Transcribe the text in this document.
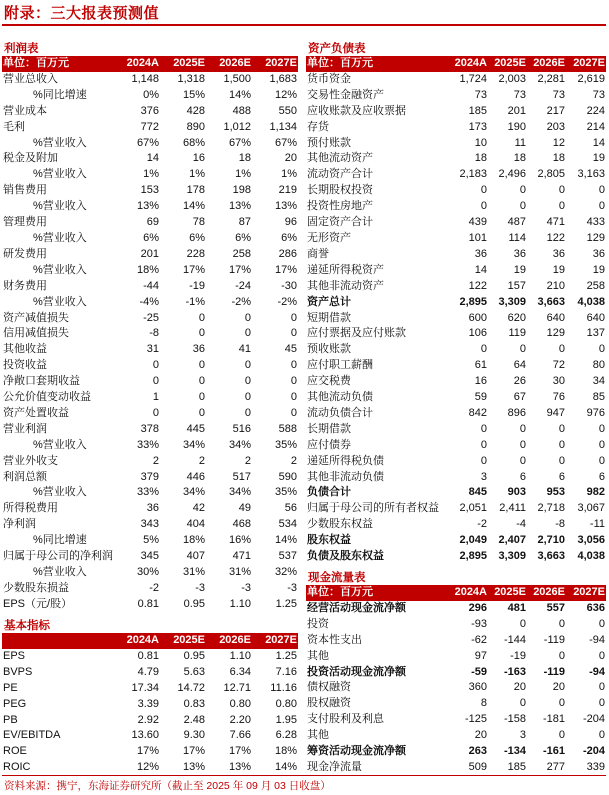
附录：三大报表预测值
利润表
单位：百万元	2024A	2025E	2026E	2027E
营业总收入	1,148	1,318	1,500	1,683
%同比增速	0%	15%	14%	12%
营业成本	376	428	488	550
毛利	772	890	1,012	1,134
%营业收入	67%	68%	67%	67%
税金及附加	14	16	18	20
%营业收入	1%	1%	1%	1%
销售费用	153	178	198	219
%营业收入	13%	14%	13%	13%
管理费用	69	78	87	96
%营业收入	6%	6%	6%	6%
研发费用	201	228	258	286
%营业收入	18%	17%	17%	17%
财务费用	-44	-19	-24	-30
%营业收入	-4%	-1%	-2%	-2%
资产减值损失	-25	0	0	0
信用减值损失	-8	0	0	0
其他收益	31	36	41	45
投资收益	0	0	0	0
净敞口套期收益	0	0	0	0
公允价值变动收益	1	0	0	0
资产处置收益	0	0	0	0
营业利润	378	445	516	588
%营业收入	33%	34%	34%	35%
营业外收支	2	2	2	2
利润总额	379	446	517	590
%营业收入	33%	34%	34%	35%
所得税费用	36	42	49	56
净利润	343	404	468	534
%同比增速	5%	18%	16%	14%
归属于母公司的净利润	345	407	471	537
%营业收入	30%	31%	31%	32%
少数股东损益	-2	-3	-3	-3
EPS（元/股）	0.81	0.95	1.10	1.25
基本指标
	2024A	2025E	2026E	2027E
EPS	0.81	0.95	1.10	1.25
BVPS	4.79	5.63	6.34	7.16
PE	17.34	14.72	12.71	11.16
PEG	3.39	0.83	0.80	0.80
PB	2.92	2.48	2.20	1.95
EV/EBITDA	13.60	9.30	7.66	6.28
ROE	17%	17%	17%	18%
ROIC	12%	13%	13%	14%
资产负债表
单位：百万元	2024A	2025E	2026E	2027E
货币资金	1,724	2,003	2,281	2,619
交易性金融资产	73	73	73	73
应收账款及应收票据	185	201	217	224
存货	173	190	203	214
预付账款	10	11	12	14
其他流动资产	18	18	18	19
流动资产合计	2,183	2,496	2,805	3,163
长期股权投资	0	0	0	0
投资性房地产	0	0	0	0
固定资产合计	439	487	471	433
无形资产	101	114	122	129
商誉	36	36	36	36
递延所得税资产	14	19	19	19
其他非流动资产	122	157	210	258
资产总计	2,895	3,309	3,663	4,038
短期借款	600	620	640	640
应付票据及应付账款	106	119	129	137
预收账款	0	0	0	0
应付职工薪酬	61	64	72	80
应交税费	16	26	30	34
其他流动负债	59	67	76	85
流动负债合计	842	896	947	976
长期借款	0	0	0	0
应付债券	0	0	0	0
递延所得税负债	0	0	0	0
其他非流动负债	3	6	6	6
负债合计	845	903	953	982
归属于母公司的所有者权益	2,051	2,411	2,718	3,067
少数股东权益	-2	-4	-8	-11
股东权益	2,049	2,407	2,710	3,056
负债及股东权益	2,895	3,309	3,663	4,038
现金流量表
单位：百万元	2024A	2025E	2026E	2027E
经营活动现金流净额	296	481	557	636
投资	-93	0	0	0
资本性支出	-62	-144	-119	-94
其他	97	-19	0	0
投资活动现金流净额	-59	-163	-119	-94
债权融资	360	20	20	0
股权融资	8	0	0	0
支付股利及利息	-125	-158	-181	-204
其他	20	3	0	0
筹资活动现金流净额	263	-134	-161	-204
现金净流量	509	185	277	339
资料来源：携宁，东海证券研究所（截止至 2025 年 09 月 03 日收盘）
